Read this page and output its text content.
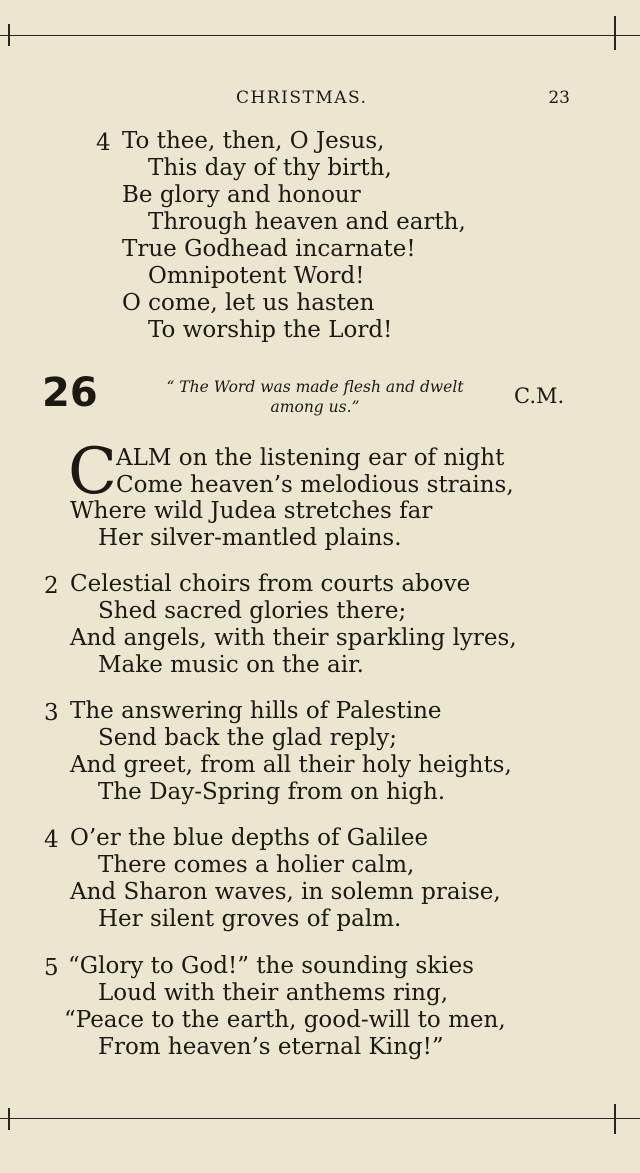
CHRISTMAS.	23
4 To thee, then, O Jesus,
This day of thy birth,
Be glory and honour
Through heaven and earth,
True Godhead incarnate!
Omnipotent Word!
O come, let us hasten
To worship the Lord!
26	“ The Word was made flesh and dwelt
among us.”	C.M.
C ALM on the listening ear of night
Come heaven’s melodious strains,
Where wild Judea stretches far
Her silver-mantled plains.
2 Celestial choirs from courts above
Shed sacred glories there;
And angels, with their sparkling lyres,
Make music on the air.
3 The answering hills of Palestine
Send back the glad reply;
And greet, from all their holy heights,
The Day-Spring from on high.
4 O’er the blue depths of Galilee
There comes a holier calm,
And Sharon waves, in solemn praise,
Her silent groves of palm.
5 “Glory to God!” the sounding skies
Loud with their anthems ring,
“Peace to the earth, good-will to men,
From heaven’s eternal King!”
